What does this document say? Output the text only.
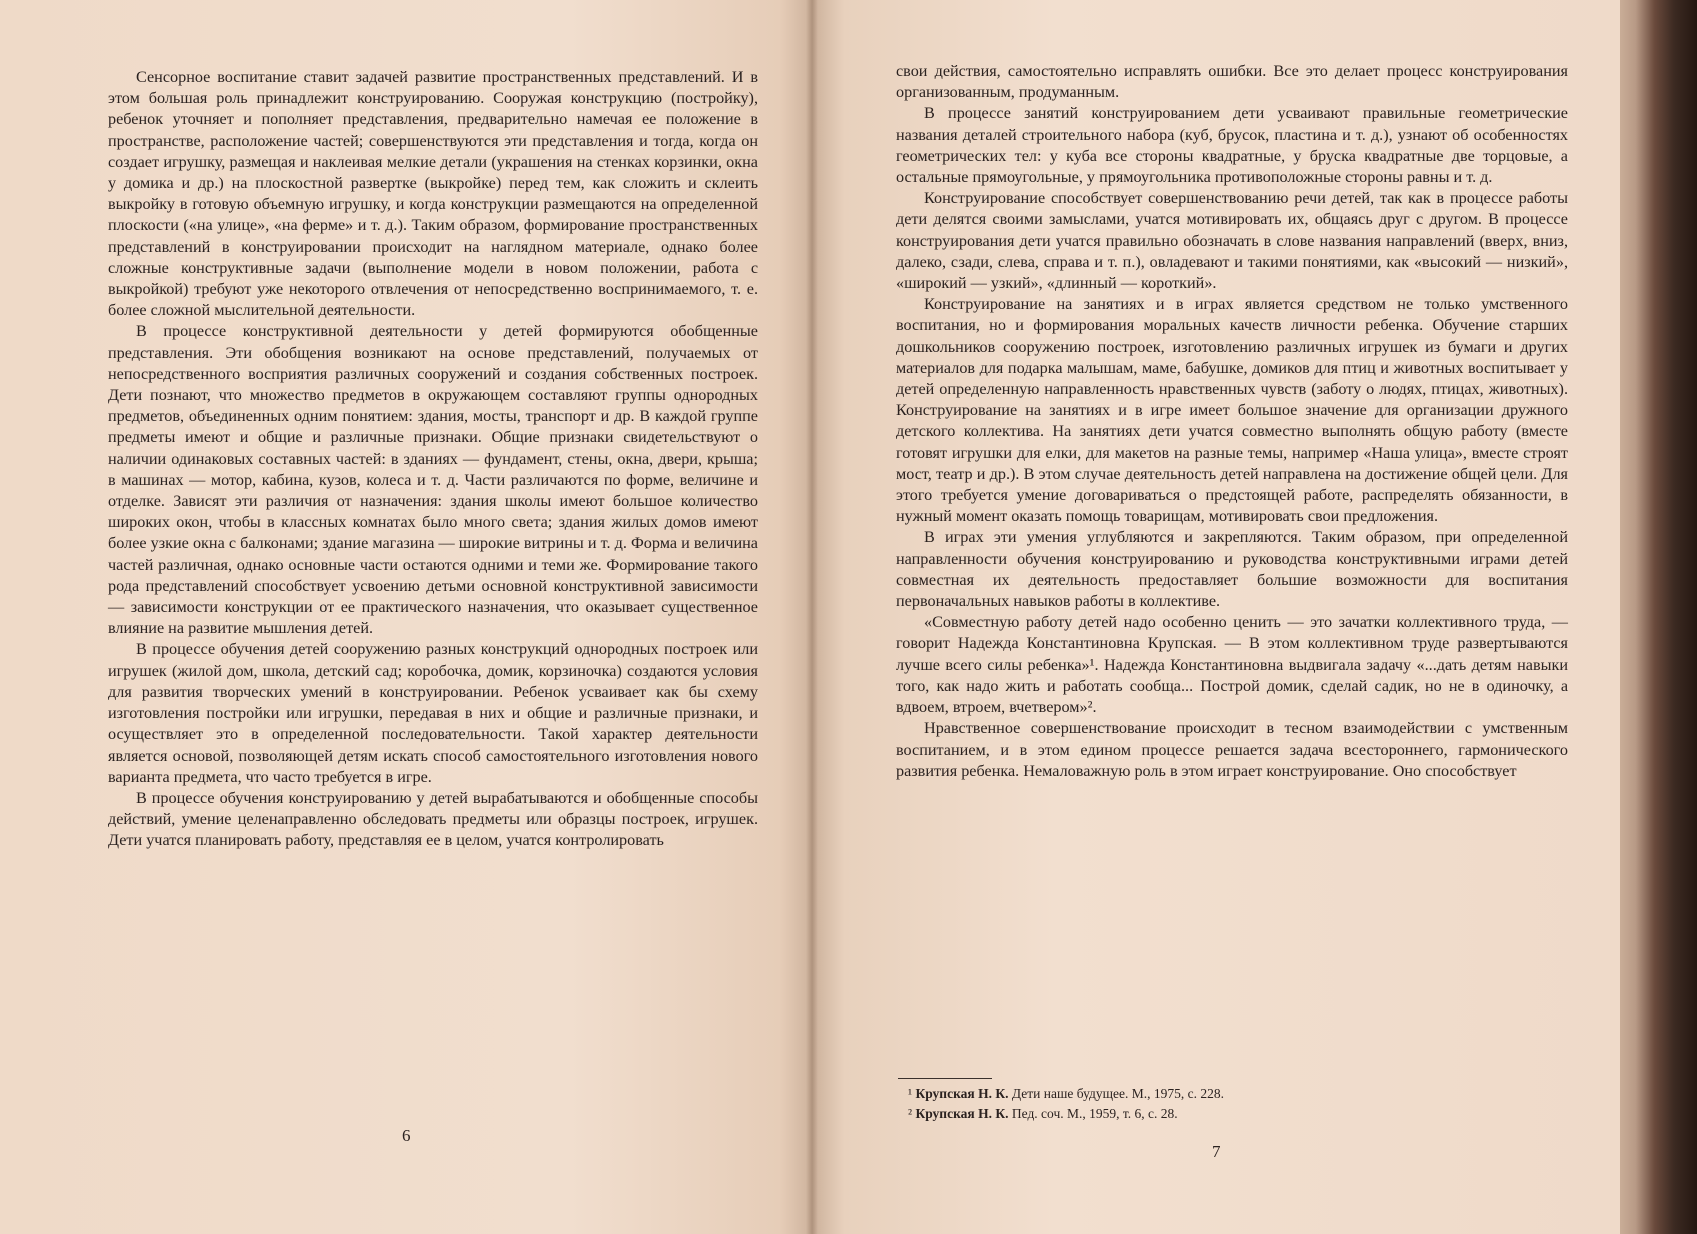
Сенсорное воспитание ставит задачей развитие пространственных представлений. И в этом большая роль принадлежит конструированию. Сооружая конструкцию (постройку), ребенок уточняет и пополняет представления, предварительно намечая ее положение в пространстве, расположение частей; совершенствуются эти представления и тогда, когда он создает игрушку, размещая и наклеивая мелкие детали (украшения на стенках корзинки, окна у домика и др.) на плоскостной развертке (выкройке) перед тем, как сложить и склеить выкройку в готовую объемную игрушку, и когда конструкции размещаются на определенной плоскости («на улице», «на ферме» и т. д.). Таким образом, формирование пространственных представлений в конструировании происходит на наглядном материале, однако более сложные конструктивные задачи (выполнение модели в новом положении, работа с выкройкой) требуют уже некоторого отвлечения от непосредственно воспринимаемого, т. е. более сложной мыслительной деятельности.

В процессе конструктивной деятельности у детей формируются обобщенные представления. Эти обобщения возникают на основе представлений, получаемых от непосредственного восприятия различных сооружений и создания собственных построек. Дети познают, что множество предметов в окружающем составляют группы однородных предметов, объединенных одним понятием: здания, мосты, транспорт и др. В каждой группе предметы имеют и общие и различные признаки. Общие признаки свидетельствуют о наличии одинаковых составных частей: в зданиях — фундамент, стены, окна, двери, крыша; в машинах — мотор, кабина, кузов, колеса и т. д. Части различаются по форме, величине и отделке. Зависят эти различия от назначения: здания школы имеют большое количество широких окон, чтобы в классных комнатах было много света; здания жилых домов имеют более узкие окна с балконами; здание магазина — широкие витрины и т. д. Форма и величина частей различная, однако основные части остаются одними и теми же. Формирование такого рода представлений способствует усвоению детьми основной конструктивной зависимости — зависимости конструкции от ее практического назначения, что оказывает существенное влияние на развитие мышления детей.

В процессе обучения детей сооружению разных конструкций однородных построек или игрушек (жилой дом, школа, детский сад; коробочка, домик, корзиночка) создаются условия для развития творческих умений в конструировании. Ребенок усваивает как бы схему изготовления постройки или игрушки, передавая в них и общие и различные признаки, и осуществляет это в определенной последовательности. Такой характер деятельности является основой, позволяющей детям искать способ самостоятельного изготовления нового варианта предмета, что часто требуется в игре.

В процессе обучения конструированию у детей вырабатываются и обобщенные способы действий, умение целенаправленно обследовать предметы или образцы построек, игрушек. Дети учатся планировать работу, представляя ее в целом, учатся контролировать

6

свои действия, самостоятельно исправлять ошибки. Все это делает процесс конструирования организованным, продуманным.

В процессе занятий конструированием дети усваивают правильные геометрические названия деталей строительного набора (куб, брусок, пластина и т. д.), узнают об особенностях геометрических тел: у куба все стороны квадратные, у бруска квадратные две торцовые, а остальные прямоугольные, у прямоугольника противоположные стороны равны и т. д.

Конструирование способствует совершенствованию речи детей, так как в процессе работы дети делятся своими замыслами, учатся мотивировать их, общаясь друг с другом. В процессе конструирования дети учатся правильно обозначать в слове названия направлений (вверх, вниз, далеко, сзади, слева, справа и т. п.), овладевают и такими понятиями, как «высокий — низкий», «широкий — узкий», «длинный — короткий».

Конструирование на занятиях и в играх является средством не только умственного воспитания, но и формирования моральных качеств личности ребенка. Обучение старших дошкольников сооружению построек, изготовлению различных игрушек из бумаги и других материалов для подарка малышам, маме, бабушке, домиков для птиц и животных воспитывает у детей определенную направленность нравственных чувств (заботу о людях, птицах, животных). Конструирование на занятиях и в игре имеет большое значение для организации дружного детского коллектива. На занятиях дети учатся совместно выполнять общую работу (вместе готовят игрушки для елки, для макетов на разные темы, например «Наша улица», вместе строят мост, театр и др.). В этом случае деятельность детей направлена на достижение общей цели. Для этого требуется умение договариваться о предстоящей работе, распределять обязанности, в нужный момент оказать помощь товарищам, мотивировать свои предложения.

В играх эти умения углубляются и закрепляются. Таким образом, при определенной направленности обучения конструированию и руководства конструктивными играми детей совместная их деятельность предоставляет большие возможности для воспитания первоначальных навыков работы в коллективе.

«Совместную работу детей надо особенно ценить — это зачатки коллективного труда, — говорит Надежда Константиновна Крупская. — В этом коллективном труде развертываются лучше всего силы ребенка»¹. Надежда Константиновна выдвигала задачу «...дать детям навыки того, как надо жить и работать сообща... Построй домик, сделай садик, но не в одиночку, а вдвоем, втроем, вчетвером»².

Нравственное совершенствование происходит в тесном взаимодействии с умственным воспитанием, и в этом едином процессе решается задача всестороннего, гармонического развития ребенка. Немаловажную роль в этом играет конструирование. Оно способствует

¹ Крупская Н. К. Дети наше будущее. М., 1975, с. 228.
² Крупская Н. К. Пед. соч. М., 1959, т. 6, с. 28.
7
